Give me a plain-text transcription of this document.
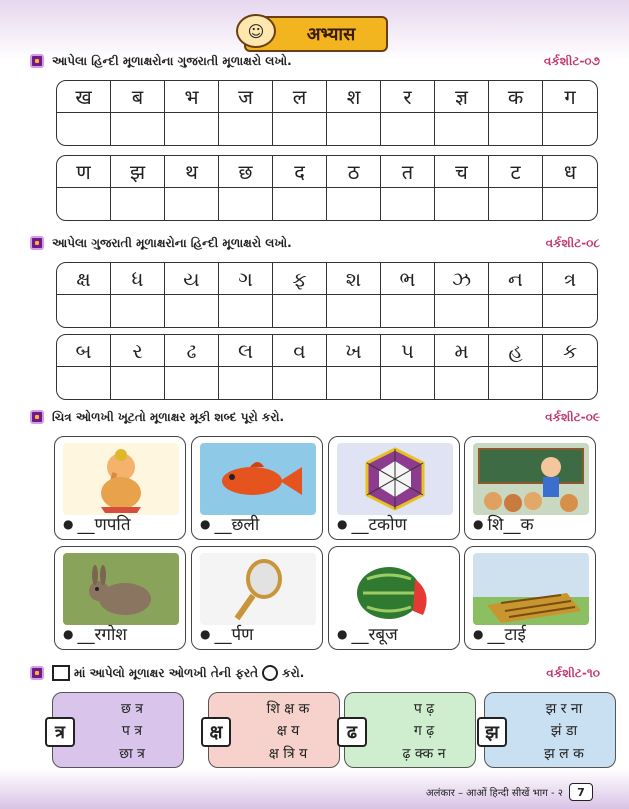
☺	अभ्यास
આપેલા હિન્દી મૂળાક્ષરોના ગુજરાતી મૂળાક્ષરો લખો.	વર્કશીટ-૦૭
ख	ब	भ	ज	ल	श	र	ज्ञ	क	ग
ण	झ	थ	छ	द	ठ	त	च	ट	ध
આપેલા ગુજરાતી મૂળાક્ષરોના હિન્દી મૂળાક્ષરો લખો.	વર્કશીટ-૦૮
ક્ષ	ધ	ય	ગ	ફ	શ	ભ	ઝ	ન	ત્ર
બ	ર	ઢ	લ	વ	ખ	પ	મ	હ	ક
ચિત્ર ઓળખી ખૂટતો મૂળાક્ષર મૂકી શબ્દ પૂરો કરો.	વર્કશીટ-૦૯
● __णपति	● __छली	● __टकोण	● शि__क
● __रगोश	● __र्पण	● __रबूज	● __टाई
માં આપેલો મૂળાક્ષર ઓળખી તેની ફરતે કરો.	વર્કશીટ-૧૦
त्र
छ त्र
प त्र
छा त्र
क्ष
शि क्ष क
क्ष य
क्ष त्रि य
ढ
प ढ़
ग ढ़
ढ़ क्क न
झ
झ र ना
झं डा
झ ल क
अलंकार – आओं हिन्दी सीखें भाग - २	7
